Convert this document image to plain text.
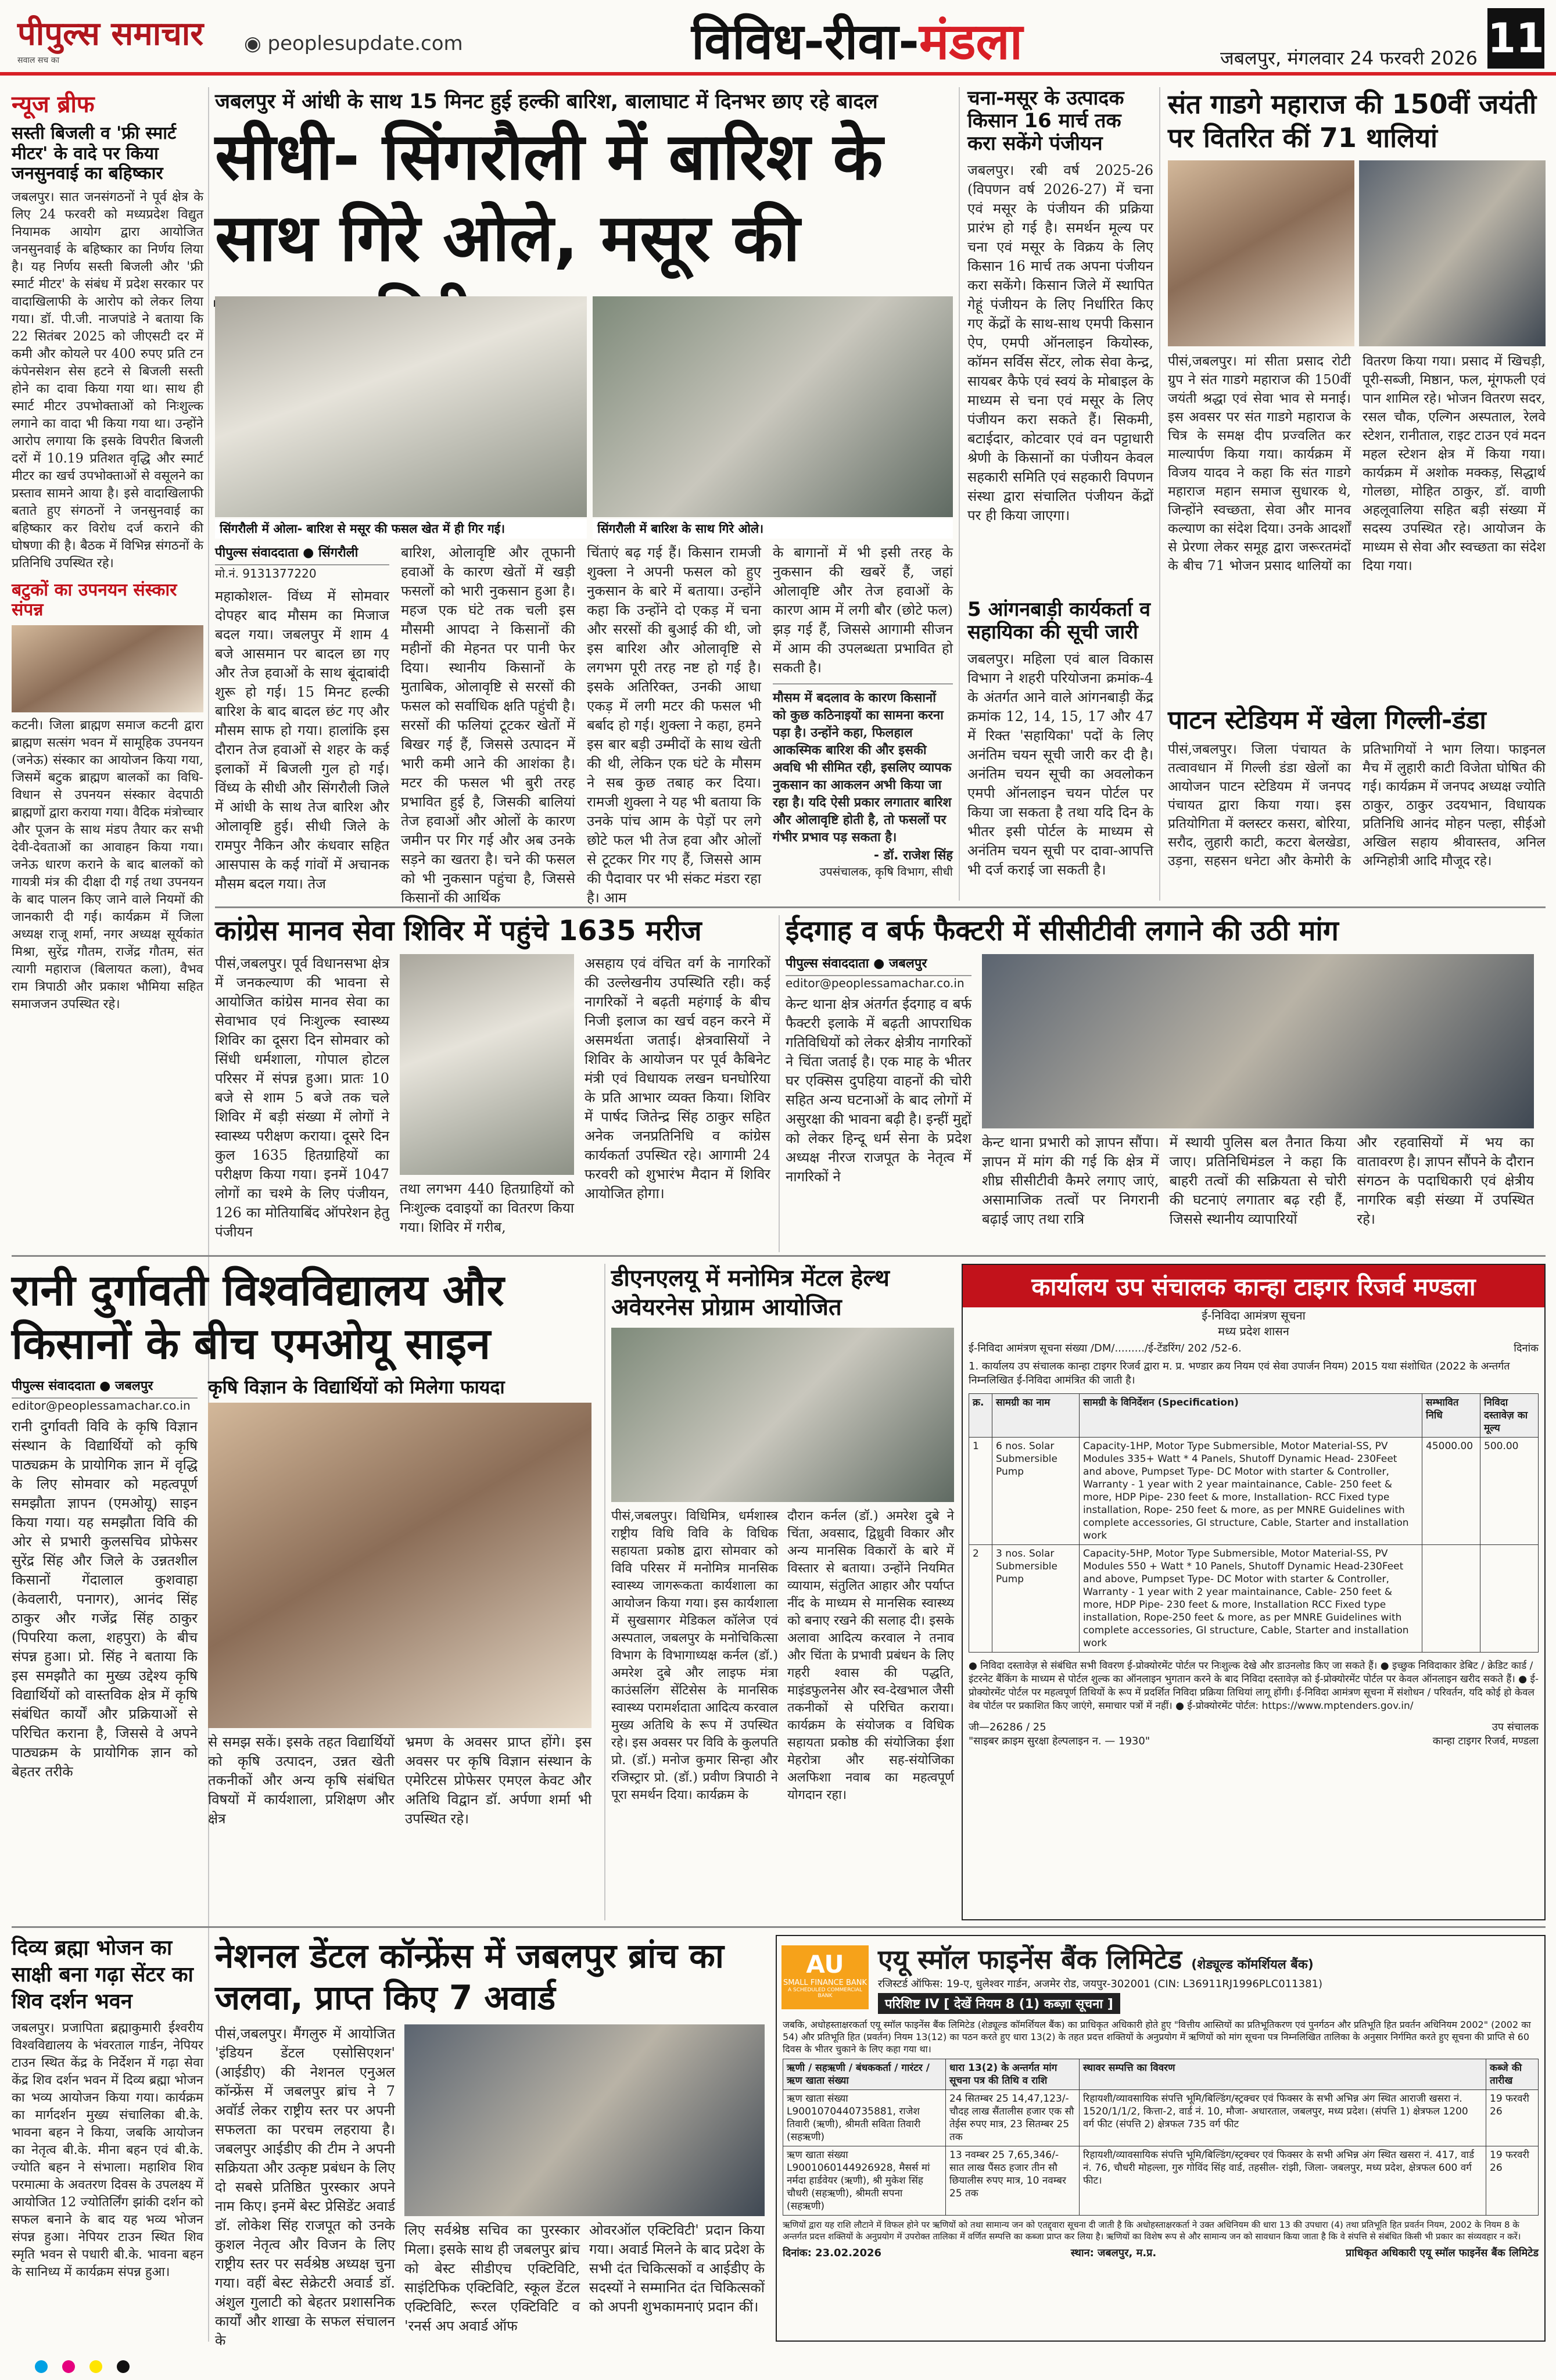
पीपुल्स समाचार
सवाल सच का
◉ peoplesupdate.com	विविध-रीवा-मंडला	जबलपुर, मंगलवार 24 फरवरी 2026 11
न्यूज ब्रीफ
सस्ती बिजली व 'फ्री स्मार्ट मीटर' के वादे पर किया जनसुनवाई का बहिष्कार
जबलपुर। सात जनसंगठनों ने पूर्व क्षेत्र के लिए 24 फरवरी को मध्यप्रदेश विद्युत नियामक आयोग द्वारा आयोजित जनसुनवाई के बहिष्कार का निर्णय लिया है। यह निर्णय सस्ती बिजली और 'फ्री स्मार्ट मीटर' के संबंध में प्रदेश सरकार पर वादाखिलाफी के आरोप को लेकर लिया गया। डॉ. पी.जी. नाजपांडे ने बताया कि 22 सितंबर 2025 को जीएसटी दर में कमी और कोयले पर 400 रुपए प्रति टन कंपेनसेशन सेस हटने से बिजली सस्ती होने का दावा किया गया था। साथ ही स्मार्ट मीटर उपभोक्ताओं को निःशुल्क लगाने का वादा भी किया गया था। उन्होंने आरोप लगाया कि इसके विपरीत बिजली दरों में 10.19 प्रतिशत वृद्धि और स्मार्ट मीटर का खर्च उपभोक्ताओं से वसूलने का प्रस्ताव सामने आया है। इसे वादाखिलाफी बताते हुए संगठनों ने जनसुनवाई का बहिष्कार कर विरोध दर्ज कराने की घोषणा की है। बैठक में विभिन्न संगठनों के प्रतिनिधि उपस्थित रहे।
बटुकों का उपनयन संस्कार संपन्न
कटनी। जिला ब्राह्मण समाज कटनी द्वारा ब्राह्मण सत्संग भवन में सामूहिक उपनयन (जनेऊ) संस्कार का आयोजन किया गया, जिसमें बटुक ब्राह्मण बालकों का विधि-विधान से उपनयन संस्कार वेदपाठी ब्राह्मणों द्वारा कराया गया। वैदिक मंत्रोच्चार और पूजन के साथ मंडप तैयार कर सभी देवी-देवताओं का आवाहन किया गया। जनेऊ धारण कराने के बाद बालकों को गायत्री मंत्र की दीक्षा दी गई तथा उपनयन के बाद पालन किए जाने वाले नियमों की जानकारी दी गई। कार्यक्रम में जिला अध्यक्ष राजू शर्मा, नगर अध्यक्ष सूर्यकांत मिश्रा, सुरेंद्र गौतम, राजेंद्र गौतम, संत त्यागी महाराज (बिलायत कला), वैभव राम त्रिपाठी और प्रकाश भौमिया सहित समाजजन उपस्थित रहे।
जबलपुर में आंधी के साथ 15 मिनट हुई हल्की बारिश, बालाघाट में दिनभर छाए रहे बादल
सीधी- सिंगरौली में बारिश के साथ गिरे ओले, मसूर की
सिंगरौली में ओला- बारिश से मसूर की फसल खेत में ही गिर गई।	सिंगरौली में बारिश के साथ गिरे ओले।
पीपुल्स संवाददाता ● सिंगरौली
मो.नं. 9131377220
महाकोशल- विंध्य में सोमवार दोपहर बाद मौसम का मिजाज बदल गया। जबलपुर में शाम 4 बजे आसमान पर बादल छा गए और तेज हवाओं के साथ बूंदाबांदी शुरू हो गई। 15 मिनट हल्की बारिश के बाद बादल छंट गए और मौसम साफ हो गया। हालांकि इस दौरान तेज हवाओं से शहर के कई इलाकों में बिजली गुल हो गई। विंध्य के सीधी और सिंगरौली जिले में आंधी के साथ तेज बारिश और ओलावृष्टि हुई। सीधी जिले के रामपुर नैकिन और कंधवार सहित आसपास के कई गांवों में अचानक मौसम बदल गया। तेज
बारिश, ओलावृष्टि और तूफानी हवाओं के कारण खेतों में खड़ी फसलों को भारी नुकसान हुआ है। महज एक घंटे तक चली इस मौसमी आपदा ने किसानों की महीनों की मेहनत पर पानी फेर दिया। स्थानीय किसानों के मुताबिक, ओलावृष्टि से सरसों की फसल को सर्वाधिक क्षति पहुंची है। सरसों की फलियां टूटकर खेतों में बिखर गई हैं, जिससे उत्पादन में भारी कमी आने की आशंका है। मटर की फसल भी बुरी तरह प्रभावित हुई है, जिसकी बालियां तेज हवाओं और ओलों के कारण जमीन पर गिर गई और अब उनके सड़ने का खतरा है। चने की फसल को भी नुकसान पहुंचा है, जिससे किसानों की आर्थिक
चिंताएं बढ़ गई हैं। किसान रामजी शुक्ला ने अपनी फसल को हुए नुकसान के बारे में बताया। उन्होंने कहा कि उन्होंने दो एकड़ में चना और सरसों की बुआई की थी, जो इस बारिश और ओलावृष्टि से लगभग पूरी तरह नष्ट हो गई है। इसके अतिरिक्त, उनकी आधा एकड़ में लगी मटर की फसल भी बर्बाद हो गई। शुक्ला ने कहा, हमने इस बार बड़ी उम्मीदों के साथ खेती की थी, लेकिन एक घंटे के मौसम ने सब कुछ तबाह कर दिया। रामजी शुक्ला ने यह भी बताया कि उनके पांच आम के पेड़ों पर लगे छोटे फल भी तेज हवा और ओलों से टूटकर गिर गए हैं, जिससे आम की पैदावार पर भी संकट मंडरा रहा है। आम
के बागानों में भी इसी तरह के नुकसान की खबरें हैं, जहां ओलावृष्टि और तेज हवाओं के कारण आम में लगी बौर (छोटे फल) झड़ गई हैं, जिससे आगामी सीजन में आम की उपलब्धता प्रभावित हो सकती है।
मौसम में बदलाव के कारण किसानों को कुछ कठिनाइयों का सामना करना पड़ा है। उन्होंने कहा, फिलहाल आकस्मिक बारिश की और इसकी अवधि भी सीमित रही, इसलिए व्यापक नुकसान का आकलन अभी किया जा रहा है। यदि ऐसी प्रकार लगातार बारिश और ओलावृष्टि होती है, तो फसलों पर गंभीर प्रभाव पड़ सकता है।
- डॉ. राजेश सिंह
उपसंचालक, कृषि विभाग, सीधी
चना-मसूर के उत्पादक किसान 16 मार्च तक करा सकेंगे पंजीयन
जबलपुर। रबी वर्ष 2025-26 (विपणन वर्ष 2026-27) में चना एवं मसूर के पंजीयन की प्रक्रिया प्रारंभ हो गई है। समर्थन मूल्य पर चना एवं मसूर के विक्रय के लिए किसान 16 मार्च तक अपना पंजीयन करा सकेंगे। किसान जिले में स्थापित गेहूं पंजीयन के लिए निर्धारित किए गए केंद्रों के साथ-साथ एमपी किसान ऐप, एमपी ऑनलाइन कियोस्क, कॉमन सर्विस सेंटर, लोक सेवा केन्द्र, सायबर कैफे एवं स्वयं के मोबाइल के माध्यम से चना एवं मसूर के लिए पंजीयन करा सकते हैं। सिकमी, बटाईदार, कोटवार एवं वन पट्टाधारी श्रेणी के किसानों का पंजीयन केवल सहकारी समिति एवं सहकारी विपणन संस्था द्वारा संचालित पंजीयन केंद्रों पर ही किया जाएगा।
5 आंगनबाड़ी कार्यकर्ता व सहायिका की सूची जारी
जबलपुर। महिला एवं बाल विकास विभाग ने शहरी परियोजना क्रमांक-4 के अंतर्गत आने वाले आंगनबाड़ी केंद्र क्रमांक 12, 14, 15, 17 और 47 में रिक्त 'सहायिका' पदों के लिए अनंतिम चयन सूची जारी कर दी है। अनंतिम चयन सूची का अवलोकन एमपी ऑनलाइन चयन पोर्टल पर किया जा सकता है तथा यदि दिन के भीतर इसी पोर्टल के माध्यम से अनंतिम चयन सूची पर दावा-आपत्ति भी दर्ज कराई जा सकती है।
संत गाडगे महाराज की 150वीं जयंती पर वितरित कीं 71 थालियां
पीसं,जबलपुर। मां सीता प्रसाद रोटी ग्रुप ने संत गाडगे महाराज की 150वीं जयंती श्रद्धा एवं सेवा भाव से मनाई। इस अवसर पर संत गाडगे महाराज के चित्र के समक्ष दीप प्रज्वलित कर माल्यार्पण किया गया। कार्यक्रम में विजय यादव ने कहा कि संत गाडगे महाराज महान समाज सुधारक थे, जिन्होंने स्वच्छता, सेवा और मानव कल्याण का संदेश दिया। उनके आदर्शों से प्रेरणा लेकर समूह द्वारा जरूरतमंदों के बीच 71 भोजन प्रसाद थालियों का वितरण किया गया। प्रसाद में खिचड़ी, पूरी-सब्जी, मिष्ठान, फल, मूंगफली एवं पान शामिल रहे। भोजन वितरण सदर, रसल चौक, एल्गिन अस्पताल, रेलवे स्टेशन, रानीताल, राइट टाउन एवं मदन महल स्टेशन क्षेत्र में किया गया। कार्यक्रम में अशोक मक्कड़, सिद्धार्थ गोलछा, मोहित ठाकुर, डॉ. वाणी अहलूवालिया सहित बड़ी संख्या में सदस्य उपस्थित रहे। आयोजन के माध्यम से सेवा और स्वच्छता का संदेश दिया गया।
पाटन स्टेडियम में खेला गिल्ली-डंडा
पीसं,जबलपुर। जिला पंचायत के तत्वावधान में गिल्ली डंडा खेलों का आयोजन पाटन स्टेडियम में जनपद पंचायत द्वारा किया गया। इस प्रतियोगिता में क्लस्टर कसरा, बोरिया, सरौद, लुहारी काटी, कटरा बेलखेडा, उड़ना, सहसन धनेटा और केमोरी के प्रतिभागियों ने भाग लिया। फाइनल मैच में लुहारी काटी विजेता घोषित की गई। कार्यक्रम में जनपद अध्यक्ष ज्योति ठाकुर, ठाकुर उदयभान, विधायक प्रतिनिधि आनंद मोहन पल्हा, सीईओ अखिल सहाय श्रीवास्तव, अनिल अग्निहोत्री आदि मौजूद रहे।
कांग्रेस मानव सेवा शिविर में पहुंचे 1635 मरीज
पीसं,जबलपुर। पूर्व विधानसभा क्षेत्र में जनकल्याण की भावना से आयोजित कांग्रेस मानव सेवा का सेवाभाव एवं निःशुल्क स्वास्थ्य शिविर का दूसरा दिन सोमवार को सिंधी धर्मशाला, गोपाल होटल परिसर में संपन्न हुआ। प्रातः 10 बजे से शाम 5 बजे तक चले शिविर में बड़ी संख्या में लोगों ने स्वास्थ्य परीक्षण कराया। दूसरे दिन कुल 1635 हितग्राहियों का परीक्षण किया गया। इनमें 1047 लोगों का चश्मे के लिए पंजीयन, 126 का मोतियाबिंद ऑपरेशन हेतु पंजीयन
तथा लगभग 440 हितग्राहियों को निःशुल्क दवाइयों का वितरण किया गया। शिविर में गरीब,
असहाय एवं वंचित वर्ग के नागरिकों की उल्लेखनीय उपस्थिति रही। कई नागरिकों ने बढ़ती महंगाई के बीच निजी इलाज का खर्च वहन करने में असमर्थता जताई। क्षेत्रवासियों ने शिविर के आयोजन पर पूर्व कैबिनेट मंत्री एवं विधायक लखन घनघोरिया के प्रति आभार व्यक्त किया। शिविर में पार्षद जितेन्द्र सिंह ठाकुर सहित अनेक जनप्रतिनिधि व कांग्रेस कार्यकर्ता उपस्थित रहे। आगामी 24 फरवरी को शुभारंभ मैदान में शिविर आयोजित होगा।
ईदगाह व बर्फ फैक्टरी में सीसीटीवी लगाने की उठी मांग
पीपुल्स संवाददाता ● जबलपुर
editor@peoplessamachar.co.in
केन्ट थाना क्षेत्र अंतर्गत ईदगाह व बर्फ फैक्टरी इलाके में बढ़ती आपराधिक गतिविधियों को लेकर क्षेत्रीय नागरिकों ने चिंता जताई है। एक माह के भीतर घर एक्सिस दुपहिया वाहनों की चोरी सहित अन्य घटनाओं के बाद लोगों में असुरक्षा की भावना बढ़ी है। इन्हीं मुद्दों को लेकर हिन्दू धर्म सेना के प्रदेश अध्यक्ष नीरज राजपूत के नेतृत्व में नागरिकों ने
केन्ट थाना प्रभारी को ज्ञापन सौंपा। ज्ञापन में मांग की गई कि क्षेत्र में शीघ्र सीसीटीवी कैमरे लगाए जाएं, असामाजिक तत्वों पर निगरानी बढ़ाई जाए तथा रात्रि
में स्थायी पुलिस बल तैनात किया जाए। प्रतिनिधिमंडल ने कहा कि बाहरी तत्वों की सक्रियता से चोरी की घटनाएं लगातार बढ़ रही हैं, जिससे स्थानीय व्यापारियों
और रहवासियों में भय का वातावरण है। ज्ञापन सौंपने के दौरान संगठन के पदाधिकारी एवं क्षेत्रीय नागरिक बड़ी संख्या में उपस्थित रहे।
रानी दुर्गावती विश्वविद्यालय और किसानों के बीच एमओयू साइन
पीपुल्स संवाददाता ● जबलपुर
editor@peoplessamachar.co.in
रानी दुर्गावती विवि के कृषि विज्ञान संस्थान के विद्यार्थियों को कृषि पाठ्यक्रम के प्रायोगिक ज्ञान में वृद्धि के लिए सोमवार को महत्वपूर्ण समझौता ज्ञापन (एमओयू) साइन किया गया। यह समझौता विवि की ओर से प्रभारी कुलसचिव प्रोफेसर सुरेंद्र सिंह और जिले के उन्नतशील किसानों गेंदालाल कुशवाहा (केवलारी, पनागर), आनंद सिंह ठाकुर और गजेंद्र सिंह ठाकुर (पिपरिया कला, शहपुरा) के बीच संपन्न हुआ। प्रो. सिंह ने बताया कि इस समझौते का मुख्य उद्देश्य कृषि विद्यार्थियों को वास्तविक क्षेत्र में कृषि संबंधित कार्यों और प्रक्रियाओं से परिचित कराना है, जिससे वे अपने पाठ्यक्रम के प्रायोगिक ज्ञान को बेहतर तरीके
कृषि विज्ञान के विद्यार्थियों को मिलेगा फायदा
से समझ सकें। इसके तहत विद्यार्थियों को कृषि उत्पादन, उन्नत खेती तकनीकों और अन्य कृषि संबंधित विषयों में कार्यशाला, प्रशिक्षण और क्षेत्र
भ्रमण के अवसर प्राप्त होंगे। इस अवसर पर कृषि विज्ञान संस्थान के एमेरिटस प्रोफेसर एमएल केवट और अतिथि विद्वान डॉ. अर्पणा शर्मा भी उपस्थित रहे।
डीएनएलयू में मनोमित्र मेंटल हेल्थ अवेयरनेस प्रोग्राम आयोजित
पीसं,जबलपुर। विधिमित्र, धर्मशास्त्र राष्ट्रीय विधि विवि के विधिक सहायता प्रकोष्ठ द्वारा सोमवार को विवि परिसर में मनोमित्र मानसिक स्वास्थ्य जागरूकता कार्यशाला का आयोजन किया गया। इस कार्यशाला में सुखसागर मेडिकल कॉलेज एवं अस्पताल, जबलपुर के मनोचिकित्सा विभाग के विभागाध्यक्ष कर्नल (डॉ.) अमरेश दुबे और लाइफ मंत्रा काउंसलिंग सेंटिसेस के मानसिक स्वास्थ्य परामर्शदाता आदित्य करवाल मुख्य अतिथि के रूप में उपस्थित रहे। इस अवसर पर विवि के कुलपति प्रो. (डॉ.) मनोज कुमार सिन्हा और रजिस्ट्रार प्रो. (डॉ.) प्रवीण त्रिपाठी ने पूरा समर्थन दिया। कार्यक्रम के
दौरान कर्नल (डॉ.) अमरेश दुबे ने चिंता, अवसाद, द्विध्रुवी विकार और अन्य मानसिक विकारों के बारे में विस्तार से बताया। उन्होंने नियमित व्यायाम, संतुलित आहार और पर्याप्त नींद के माध्यम से मानसिक स्वास्थ्य को बनाए रखने की सलाह दी। इसके अलावा आदित्य करवाल ने तनाव और चिंता के प्रभावी प्रबंधन के लिए गहरी श्वास की पद्धति, माइंडफुलनेस और स्व-देखभाल जैसी तकनीकों से परिचित कराया। कार्यक्रम के संयोजक व विधिक सहायता प्रकोष्ठ की संयोजिका ईशा मेहरोत्रा और सह-संयोजिका अलफिशा नवाब का महत्वपूर्ण योगदान रहा।
कार्यालय उप संचालक कान्हा टाइगर रिजर्व मण्डला
ई-निविदा आमंत्रण सूचना
मध्य प्रदेश शासन
ई-निविदा आमंत्रण सूचना संख्या /DM/........./ई-टेंडरिंग/ 202 /52-6.	दिनांक
1. कार्यालय उप संचालक कान्हा टाइगर रिजर्व द्वारा म. प्र. भण्डार क्रय नियम एवं सेवा उपार्जन नियम) 2015 यथा संशोधित (2022 के अन्तर्गत निम्नलिखित ई-निविदा आमंत्रित की जाती है।
क्र.	सामग्री का नाम	सामग्री के विनिर्देशन (Specification)	सम्भावित निधि	निविदा दस्तावेज़ का मूल्य
1	6 nos. Solar Submersible Pump	Capacity-1HP, Motor Type Submersible, Motor Material-SS, PV Modules 335+ Watt * 4 Panels, Shutoff Dynamic Head- 230Feet and above, Pumpset Type- DC Motor with starter & Controller, Warranty - 1 year with 2 year maintainance, Cable- 250 feet & more, HDP Pipe- 230 feet & more, Installation- RCC Fixed type installation, Rope- 250 feet & more, as per MNRE Guidelines with complete accessories, GI structure, Cable, Starter and installation work	45000.00	500.00
2	3 nos. Solar Submersible Pump	Capacity-5HP, Motor Type Submersible, Motor Material-SS, PV Modules 550 + Watt * 10 Panels, Shutoff Dynamic Head-230Feet and above, Pumpset Type- DC Motor with starter & Controller, Warranty - 1 year with 2 year maintainance, Cable- 250 feet & more, HDP Pipe- 230 feet & more, Installation RCC Fixed type installation, Rope-250 feet & more, as per MNRE Guidelines with complete accessories, GI structure, Cable, Starter and installation work		
● निविदा दस्तावेज़ से संबंधित सभी विवरण ई-प्रोक्योरमेंट पोर्टल पर निःशुल्क देखे और डाउनलोड किए जा सकते हैं। ● इच्छुक निविदाकार डेबिट / क्रेडिट कार्ड / इंटरनेट बैंकिंग के माध्यम से पोर्टल शुल्क का ऑनलाइन भुगतान करने के बाद निविदा दस्तावेज़ को ई-प्रोक्योरमेंट पोर्टल पर केवल ऑनलाइन खरीद सकते हैं। ● ई-प्रोक्योरमेंट पोर्टल पर महत्वपूर्ण तिथियों के रूप में प्रदर्शित निविदा प्रक्रिया तिथियां लागू होंगी। ई-निविदा आमंत्रण सूचना में संशोधन / परिवर्तन, यदि कोई हो केवल वेब पोर्टल पर प्रकाशित किए जाएंगे, समाचार पत्रों में नहीं। ● ई-प्रोक्योरमेंट पोर्टल: https://www.mptenders.gov.in/
जी—26286 / 25
"साइबर क्राइम सुरक्षा हेल्पलाइन न. — 1930"
उप संचालक
कान्हा टाइगर रिजर्व, मण्डला
दिव्य ब्रह्मा भोजन का साक्षी बना गढ़ा सेंटर का शिव दर्शन भवन
जबलपुर। प्रजापिता ब्रह्माकुमारी ईश्वरीय विश्वविद्यालय के भंवरताल गार्डन, नेपियर टाउन स्थित केंद्र के निर्देशन में गढ़ा सेवा केंद्र शिव दर्शन भवन में दिव्य ब्रह्मा भोजन का भव्य आयोजन किया गया। कार्यक्रम का मार्गदर्शन मुख्य संचालिका बी.के. भावना बहन ने किया, जबकि आयोजन का नेतृत्व बी.के. मीना बहन एवं बी.के. ज्योति बहन ने संभाला। महाशिव शिव परमात्मा के अवतरण दिवस के उपलक्ष्य में आयोजित 12 ज्योतिर्लिंग झांकी दर्शन को सफल बनाने के बाद यह भव्य भोजन संपन्न हुआ। नेपियर टाउन स्थित शिव स्मृति भवन से पधारी बी.के. भावना बहन के सानिध्य में कार्यक्रम संपन्न हुआ।
नेशनल डेंटल कॉन्फ्रेंस में जबलपुर ब्रांच का जलवा, प्राप्त किए 7 अवार्ड
पीसं,जबलपुर। मैंगलुरु में आयोजित 'इंडियन डेंटल एसोसिएशन' (आईडीए) की नेशनल एनुअल कॉन्फ्रेंस में जबलपुर ब्रांच ने 7 अवॉर्ड लेकर राष्ट्रीय स्तर पर अपनी सफलता का परचम लहराया है। जबलपुर आईडीए की टीम ने अपनी सक्रियता और उत्कृष्ट प्रबंधन के लिए दो सबसे प्रतिष्ठित पुरस्कार अपने नाम किए। इनमें बेस्ट प्रेसिडेंट अवार्ड डॉ. लोकेश सिंह राजपूत को उनके कुशल नेतृत्व और विजन के लिए राष्ट्रीय स्तर पर सर्वश्रेष्ठ अध्यक्ष चुना गया। वहीं बेस्ट सेक्रेटरी अवार्ड डॉ. अंशुल गुलाटी को बेहतर प्रशासनिक कार्यों और शाखा के सफल संचालन के
लिए सर्वश्रेष्ठ सचिव का पुरस्कार मिला। इसके साथ ही जबलपुर ब्रांच को बेस्ट सीडीएच एक्टिविटि, साइंटिफिक एक्टिविटि, स्कूल डेंटल एक्टिविटि, रूरल एक्टिविटि व 'रनर्स अप अवार्ड ऑफ
ओवरऑल एक्टिविटी' प्रदान किया गया। अवार्ड मिलने के बाद प्रदेश के सभी दंत चिकित्सकों व आईडीए के सदस्यों ने सम्मानित दंत चिकित्सकों को अपनी शुभकामनाएं प्रदान कीं।
AU
SMALL FINANCE BANK
A SCHEDULED COMMERCIAL BANK
एयू स्मॉल फाइनेंस बैंक लिमिटेड (शेड्यूल्ड कॉमर्शियल बैंक)
रजिस्टर्ड ऑफिस: 19-ए, धुलेश्वर गार्डन, अजमेर रोड, जयपुर-302001 (CIN: L36911RJ1996PLC011381)
परिशिष्ट IV [ देखें नियम 8 (1) कब्ज़ा सूचना ]
जबकि, अधोहस्ताक्षरकर्ता एयू स्मॉल फाइनेंस बैंक लिमिटेड (शेड्यूल्ड कॉमर्शियल बैंक) का प्राधिकृत अधिकारी होते हुए "वित्तीय आस्तियों का प्रतिभूतिकरण एवं पुनर्गठन और प्रतिभूति हित प्रवर्तन अधिनियम 2002" (2002 का 54) और प्रतिभूति हित (प्रवर्तन) नियम 13(12) का पठन करते हुए धारा 13(2) के तहत प्रदत्त शक्तियों के अनुप्रयोग में ऋणियों को मांग सूचना पत्र निम्नलिखित तालिका के अनुसार निर्गमित करते हुए सूचना की प्राप्ति से 60 दिवस के भीतर चुकाने के लिए कहा गया था।
ऋणी / सहऋणी / बंधककर्ता / गारंटर / ऋण खाता संख्या	धारा 13(2) के अन्तर्गत मांग सूचना पत्र की तिथि व राशि	स्थावर सम्पत्ति का विवरण	कब्जे की तारीख
ऋण खाता संख्या L9001070440735881, राजेश तिवारी (ऋणी), श्रीमती सविता तिवारी (सहऋणी)	24 सितम्बर 25 14,47,123/- चौदह लाख सैंतालीस हजार एक सौ तेईस रुपए मात्र, 23 सितम्बर 25 तक	रिहायशी/व्यावसायिक संपत्ति भूमि/बिल्डिंग/स्ट्रक्चर एवं फिक्सर के सभी अभिन्न अंग स्थित आराजी खसरा नं. 1520/1/1/2, कित्ता-2, वार्ड नं. 10, मौजा- अधारताल, जबलपुर, मध्य प्रदेश। (संपत्ति 1) क्षेत्रफल 1200 वर्ग फीट (संपत्ति 2) क्षेत्रफल 735 वर्ग फीट	19 फरवरी 26
ऋण खाता संख्या L9001060144926928, मैसर्स मां नर्मदा हार्डवेयर (ऋणी), श्री मुकेश सिंह चौधरी (सहऋणी), श्रीमती सपना (सहऋणी)	13 नवम्बर 25 7,65,346/- सात लाख पैंसठ हजार तीन सौ छियालीस रुपए मात्र, 10 नवम्बर 25 तक	रिहायशी/व्यावसायिक संपत्ति भूमि/बिल्डिंग/स्ट्रक्चर एवं फिक्सर के सभी अभिन्न अंग स्थित खसरा नं. 417, वार्ड नं. 76, चौधरी मोहल्ला, गुरु गोविंद सिंह वार्ड, तहसील- रांझी, जिला- जबलपुर, मध्य प्रदेश, क्षेत्रफल 600 वर्ग फीट।	19 फरवरी 26
ऋणियों द्वारा यह राशि लौटाने में विफल होने पर ऋणियों को तथा सामान्य जन को एतद्द्वारा सूचना दी जाती है कि अधोहस्ताक्षरकर्ता ने उक्त अधिनियम की धारा 13 की उपधारा (4) तथा प्रतिभूति हित प्रवर्तन नियम, 2002 के नियम 8 के अन्तर्गत प्रदत्त शक्तियों के अनुप्रयोग में उपरोक्त तालिका में वर्णित सम्पत्ति का कब्जा प्राप्त कर लिया है। ऋणियों का विशेष रूप से और सामान्य जन को सावधान किया जाता है कि वे संपत्ति से संबंधित किसी भी प्रकार का संव्यवहार न करें।
दिनांक: 23.02.2026	स्थान: जबलपुर, म.प्र.	प्राधिकृत अधिकारी एयू स्मॉल फाइनेंस बैंक लिमिटेड
